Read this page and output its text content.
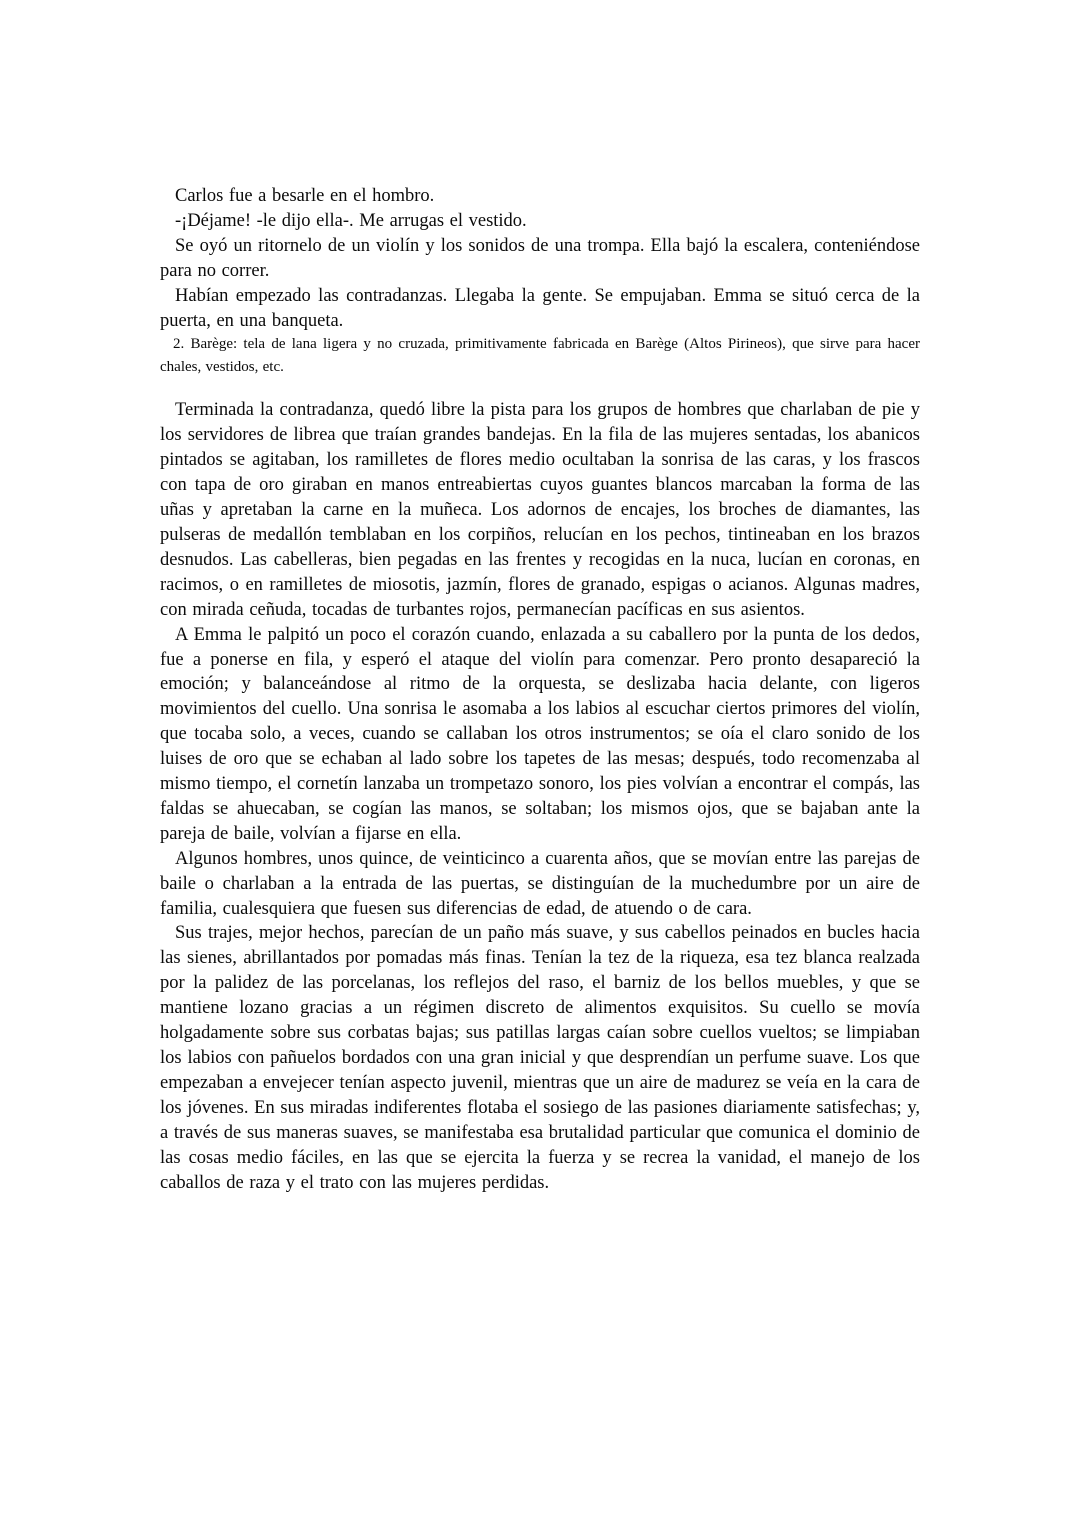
Carlos fue a besarle en el hombro.

-¡Déjame! -le dijo ella-. Me arrugas el vestido.

Se oyó un ritornelo de un violín y los sonidos de una trompa. Ella bajó la escalera, conteniéndose para no correr.

Habían empezado las contradanzas. Llegaba la gente. Se empujaban. Emma se situó cerca de la puerta, en una banqueta.

2. Barège: tela de lana ligera y no cruzada, primitivamente fabricada en Barège (Altos Pirineos), que sirve para hacer chales, vestidos, etc.

Terminada la contradanza, quedó libre la pista para los grupos de hombres que charlaban de pie y los servidores de librea que traían grandes bandejas. En la fila de las mujeres sentadas, los abanicos pintados se agitaban, los ramilletes de flores medio ocultaban la sonrisa de las caras, y los frascos con tapa de oro giraban en manos entreabiertas cuyos guantes blancos marcaban la forma de las uñas y apretaban la carne en la muñeca. Los adornos de encajes, los broches de diamantes, las pulseras de medallón temblaban en los corpiños, relucían en los pechos, tintineaban en los brazos desnudos. Las cabelleras, bien pegadas en las frentes y recogidas en la nuca, lucían en coronas, en racimos, o en ramilletes de miosotis, jazmín, flores de granado, espigas o acianos. Algunas madres, con mirada ceñuda, tocadas de turbantes rojos, permanecían pacíficas en sus asientos.

A Emma le palpitó un poco el corazón cuando, enlazada a su caballero por la punta de los dedos, fue a ponerse en fila, y esperó el ataque del violín para comenzar. Pero pronto desapareció la emoción; y balanceándose al ritmo de la orquesta, se deslizaba hacia delante, con ligeros movimientos del cuello. Una sonrisa le asomaba a los labios al escuchar ciertos primores del violín, que tocaba solo, a veces, cuando se callaban los otros instrumentos; se oía el claro sonido de los luises de oro que se echaban al lado sobre los tapetes de las mesas; después, todo recomenzaba al mismo tiempo, el cornetín lanzaba un trompetazo sonoro, los pies volvían a encontrar el compás, las faldas se ahuecaban, se cogían las manos, se soltaban; los mismos ojos, que se bajaban ante la pareja de baile, volvían a fijarse en ella.

Algunos hombres, unos quince, de veinticinco a cuarenta años, que se movían entre las parejas de baile o charlaban a la entrada de las puertas, se distinguían de la muchedumbre por un aire de familia, cualesquiera que fuesen sus diferencias de edad, de atuendo o de cara.

Sus trajes, mejor hechos, parecían de un paño más suave, y sus cabellos peinados en bucles hacia las sienes, abrillantados por pomadas más finas. Tenían la tez de la riqueza, esa tez blanca realzada por la palidez de las porcelanas, los reflejos del raso, el barniz de los bellos muebles, y que se mantiene lozano gracias a un régimen discreto de alimentos exquisitos. Su cuello se movía holgadamente sobre sus corbatas bajas; sus patillas largas caían sobre cuellos vueltos; se limpiaban los labios con pañuelos bordados con una gran inicial y que desprendían un perfume suave. Los que empezaban a envejecer tenían aspecto juvenil, mientras que un aire de madurez se veía en la cara de los jóvenes. En sus miradas indiferentes flotaba el sosiego de las pasiones diariamente satisfechas; y, a través de sus maneras suaves, se manifestaba esa brutalidad particular que comunica el dominio de las cosas medio fáciles, en las que se ejercita la fuerza y se recrea la vanidad, el manejo de los caballos de raza y el trato con las mujeres perdidas.
